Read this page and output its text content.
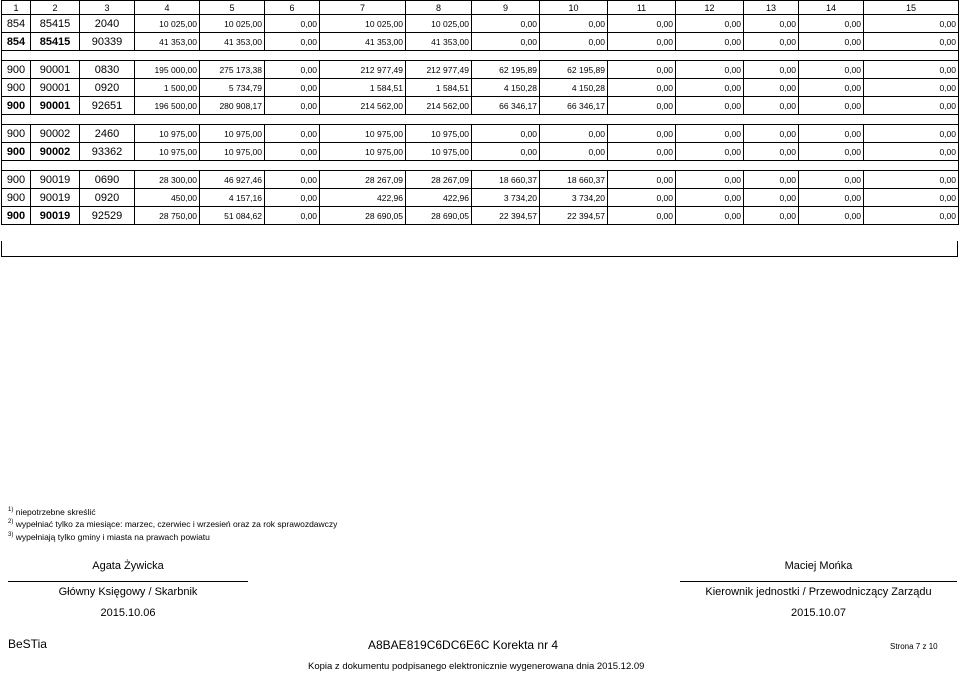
1	2	3	4	5	6	7	8	9	10	11	12	13	14	15
854	85415	2040	10 025,00	10 025,00	0,00	10 025,00	10 025,00	0,00	0,00	0,00	0,00	0,00	0,00	0,00
854	85415	90339	41 353,00	41 353,00	0,00	41 353,00	41 353,00	0,00	0,00	0,00	0,00	0,00	0,00	0,00

900	90001	0830	195 000,00	275 173,38	0,00	212 977,49	212 977,49	62 195,89	62 195,89	0,00	0,00	0,00	0,00	0,00
900	90001	0920	1 500,00	5 734,79	0,00	1 584,51	1 584,51	4 150,28	4 150,28	0,00	0,00	0,00	0,00	0,00
900	90001	92651	196 500,00	280 908,17	0,00	214 562,00	214 562,00	66 346,17	66 346,17	0,00	0,00	0,00	0,00	0,00

900	90002	2460	10 975,00	10 975,00	0,00	10 975,00	10 975,00	0,00	0,00	0,00	0,00	0,00	0,00	0,00
900	90002	93362	10 975,00	10 975,00	0,00	10 975,00	10 975,00	0,00	0,00	0,00	0,00	0,00	0,00	0,00

900	90019	0690	28 300,00	46 927,46	0,00	28 267,09	28 267,09	18 660,37	18 660,37	0,00	0,00	0,00	0,00	0,00
900	90019	0920	450,00	4 157,16	0,00	422,96	422,96	3 734,20	3 734,20	0,00	0,00	0,00	0,00	0,00
900	90019	92529	28 750,00	51 084,62	0,00	28 690,05	28 690,05	22 394,57	22 394,57	0,00	0,00	0,00	0,00	0,00
$^{1)}$ niepotrzebne skreślić
$^{2)}$ wypełniać tylko za miesiące: marzec, czerwiec i wrzesień oraz za rok sprawozdawczy
$^{3)}$ wypełniają tylko gminy i miasta na prawach powiatu
Agata Żywicka
Główny Księgowy / Skarbnik
2015.10.06
Maciej Mońka
Kierownik jednostki / Przewodniczący Zarządu
2015.10.07
BeSTia	A8BAE819C6DC6E6C Korekta nr 4	Strona 7 z 10
Kopia z dokumentu podpisanego elektronicznie wygenerowana dnia 2015.12.09
